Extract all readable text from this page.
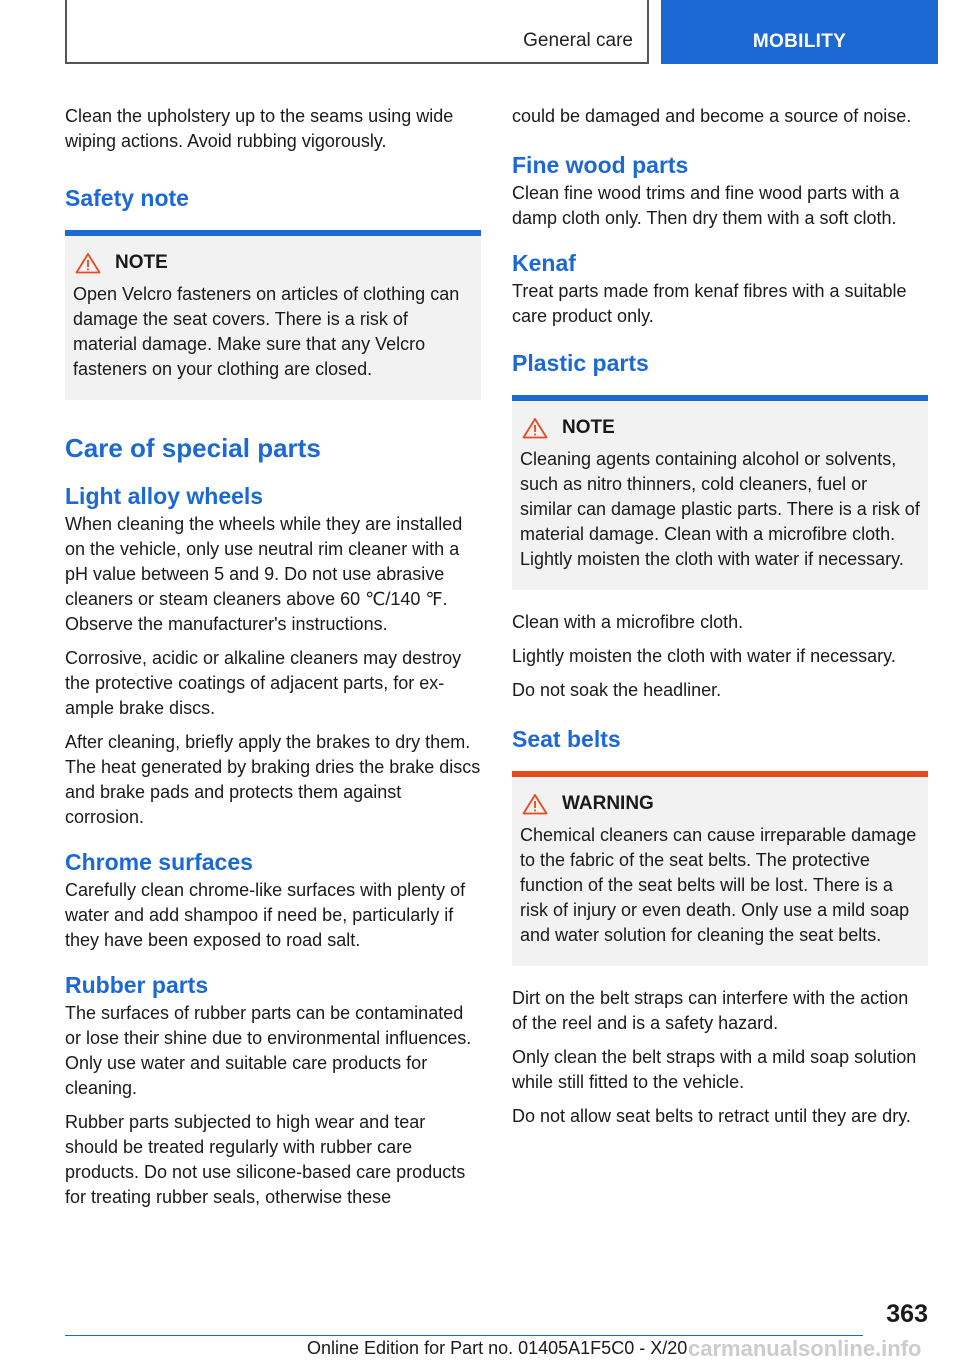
General care	MOBILITY

Clean the upholstery up to the seams using wide wiping actions. Avoid rubbing vigorously.

Safety note
NOTE

Open Velcro fasteners on articles of clothing can damage the seat covers. There is a risk of material damage. Make sure that any Velcro fasteners on your clothing are closed.

Care of special parts
Light alloy wheels

When cleaning the wheels while they are installed on the vehicle, only use neutral rim cleaner with a pH value between 5 and 9. Do not use abrasive cleaners or steam cleaners above 60 ℃/140 ℉. Observe the manufacturer's instructions.

Corrosive, acidic or alkaline cleaners may destroy the protective coatings of adjacent parts, for example brake discs.

After cleaning, briefly apply the brakes to dry them. The heat generated by braking dries the brake discs and brake pads and protects them against corrosion.

Chrome surfaces

Carefully clean chrome-like surfaces with plenty of water and add shampoo if need be, particularly if they have been exposed to road salt.

Rubber parts

The surfaces of rubber parts can be contaminated or lose their shine due to environmental influences. Only use water and suitable care products for cleaning.

Rubber parts subjected to high wear and tear should be treated regularly with rubber care products. Do not use silicone-based care products for treating rubber seals, otherwise these

could be damaged and become a source of noise.

Fine wood parts

Clean fine wood trims and fine wood parts with a damp cloth only. Then dry them with a soft cloth.

Kenaf

Treat parts made from kenaf fibres with a suitable care product only.

Plastic parts
NOTE

Cleaning agents containing alcohol or solvents, such as nitro thinners, cold cleaners, fuel or similar can damage plastic parts. There is a risk of material damage. Clean with a microfibre cloth. Lightly moisten the cloth with water if necessary.

Clean with a microfibre cloth.

Lightly moisten the cloth with water if necessary.

Do not soak the headliner.

Seat belts
WARNING

Chemical cleaners can cause irreparable damage to the fabric of the seat belts. The protective function of the seat belts will be lost. There is a risk of injury or even death. Only use a mild soap and water solution for cleaning the seat belts.

Dirt on the belt straps can interfere with the action of the reel and is a safety hazard.

Only clean the belt straps with a mild soap solution while still fitted to the vehicle.

Do not allow seat belts to retract until they are dry.

363
Online Edition for Part no. 01405A1F5C0 - X/20 carmanualsonline.info
